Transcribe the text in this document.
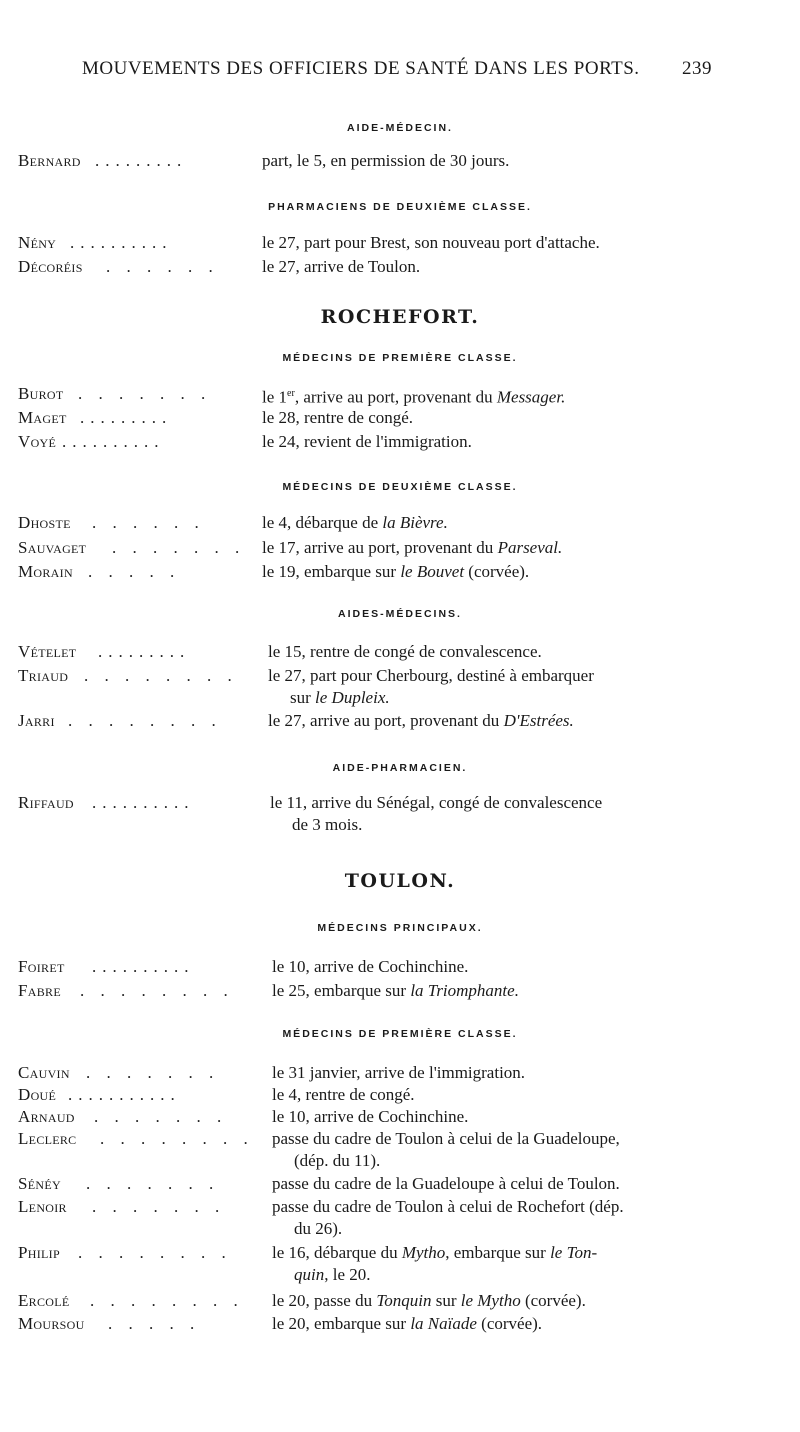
MOUVEMENTS DES OFFICIERS DE SANTÉ DANS LES PORTS. 239
AIDE-MÉDECIN.
Bernard .........	part, le 5, en permission de 30 jours.
PHARMACIENS DE DEUXIÈME CLASSE.
Nény ..........	le 27, part pour Brest, son nouveau port d'attache.
Décoréis . . . . . .	le 27, arrive de Toulon.
ROCHEFORT.
MÉDECINS DE PREMIÈRE CLASSE.
Burot . . . . . . .	le 1er, arrive au port, provenant du Messager.
Maget .........	le 28, rentre de congé.
Voyé ..........	le 24, revient de l'immigration.
MÉDECINS DE DEUXIÈME CLASSE.
Dhoste . . . . . .	le 4, débarque de la Bièvre.
Sauvaget . . . . . . . le 17, arrive au port, provenant du Parseval.
Morain . . . . .	le 19, embarque sur le Bouvet (corvée).
AIDES-MÉDECINS.
Vételet .........	le 15, rentre de congé de convalescence.
Triaud . . . . . . . . le 27, part pour Cherbourg, destiné à embarquer
sur le Dupleix.
Jarri . . . . . . . .	le 27, arrive au port, provenant du D'Estrées.
AIDE-PHARMACIEN.
Riffaud ..........	le 11, arrive du Sénégal, congé de convalescence
de 3 mois.
TOULON.
MÉDECINS PRINCIPAUX.
Foiret ..........	le 10, arrive de Cochinchine.
Fabre . . . . . . . . le 25, embarque sur la Triomphante.
MÉDECINS DE PREMIÈRE CLASSE.
Cauvin . . . . . . .	le 31 janvier, arrive de l'immigration.
Doué ...........	le 4, rentre de congé.
Arnaud . . . . . . .	le 10, arrive de Cochinchine.
Leclerc . . . . . . . . passe du cadre de Toulon à celui de la Guadeloupe,
(dép. du 11).
Sénéy . . . . . . .	passe du cadre de la Guadeloupe à celui de Toulon.
Lenoir . . . . . . .	passe du cadre de Toulon à celui de Rochefort (dép.
du 26).
Philip . . . . . . . . le 16, débarque du Mytho, embarque sur le Ton-
quin, le 20.
Ercolé . . . . . . . . le 20, passe du Tonquin sur le Mytho (corvée).
Moursou . . . . .	le 20, embarque sur la Naïade (corvée).
